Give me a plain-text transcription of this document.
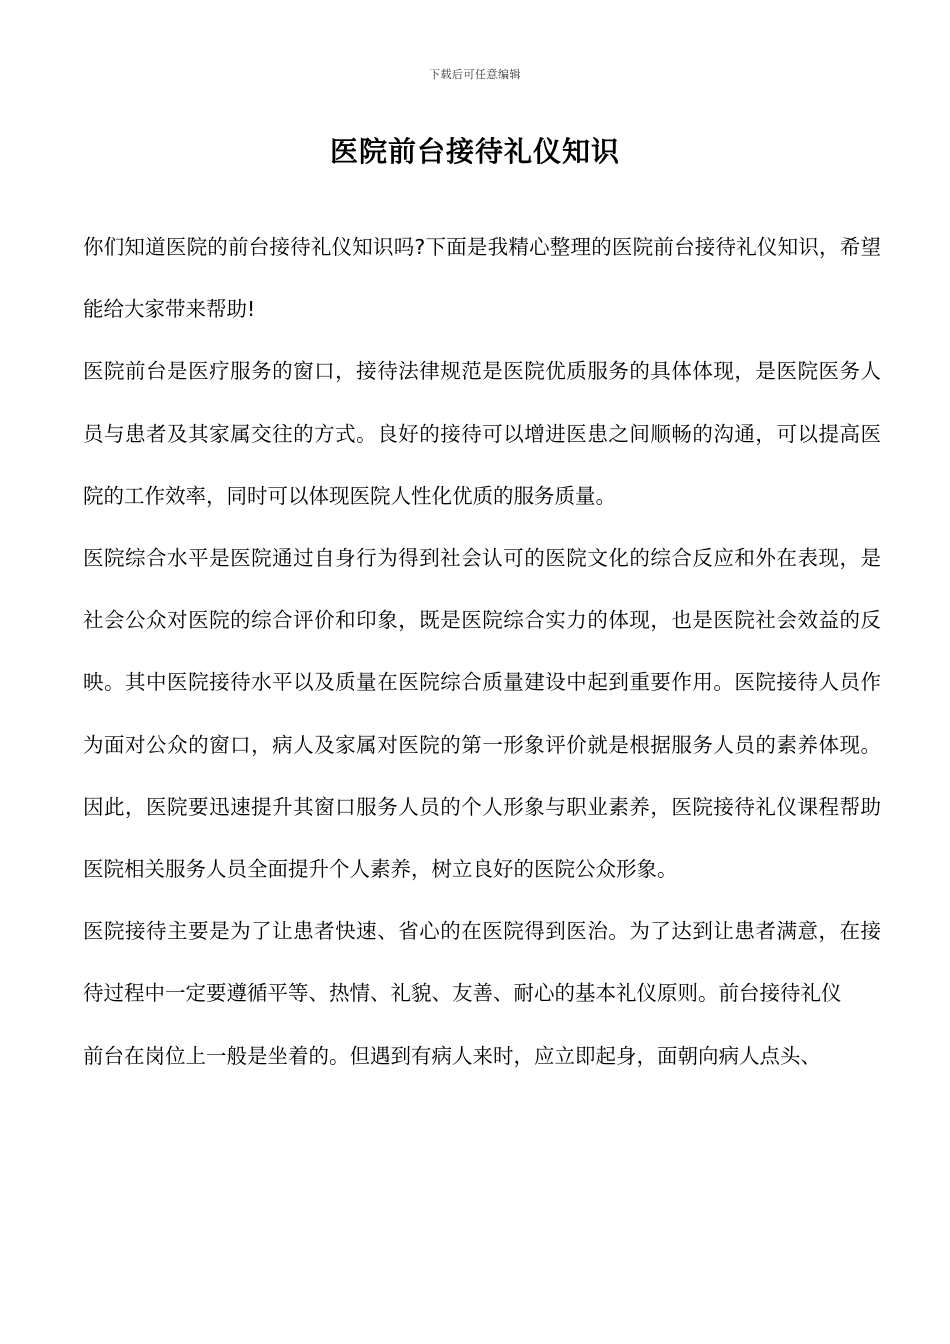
下载后可任意编辑
医院前台接待礼仪知识

你们知道医院的前台接待礼仪知识吗?下面是我精心整理的医院前台接待礼仪知识，希望能给大家带来帮助!

医院前台是医疗服务的窗口，接待法律规范是医院优质服务的具体体现，是医院医务人员与患者及其家属交往的方式。良好的接待可以增进医患之间顺畅的沟通，可以提高医院的工作效率，同时可以体现医院人性化优质的服务质量。

医院综合水平是医院通过自身行为得到社会认可的医院文化的综合反应和外在表现，是社会公众对医院的综合评价和印象，既是医院综合实力的体现，也是医院社会效益的反映。其中医院接待水平以及质量在医院综合质量建设中起到重要作用。医院接待人员作为面对公众的窗口，病人及家属对医院的第一形象评价就是根据服务人员的素养体现。因此，医院要迅速提升其窗口服务人员的个人形象与职业素养，医院接待礼仪课程帮助医院相关服务人员全面提升个人素养，树立良好的医院公众形象。

医院接待主要是为了让患者快速、省心的在医院得到医治。为了达到让患者满意，在接待过程中一定要遵循平等、热情、礼貌、友善、耐心的基本礼仪原则。前台接待礼仪

前台在岗位上一般是坐着的。但遇到有病人来时，应立即起身，面朝向病人点头、
